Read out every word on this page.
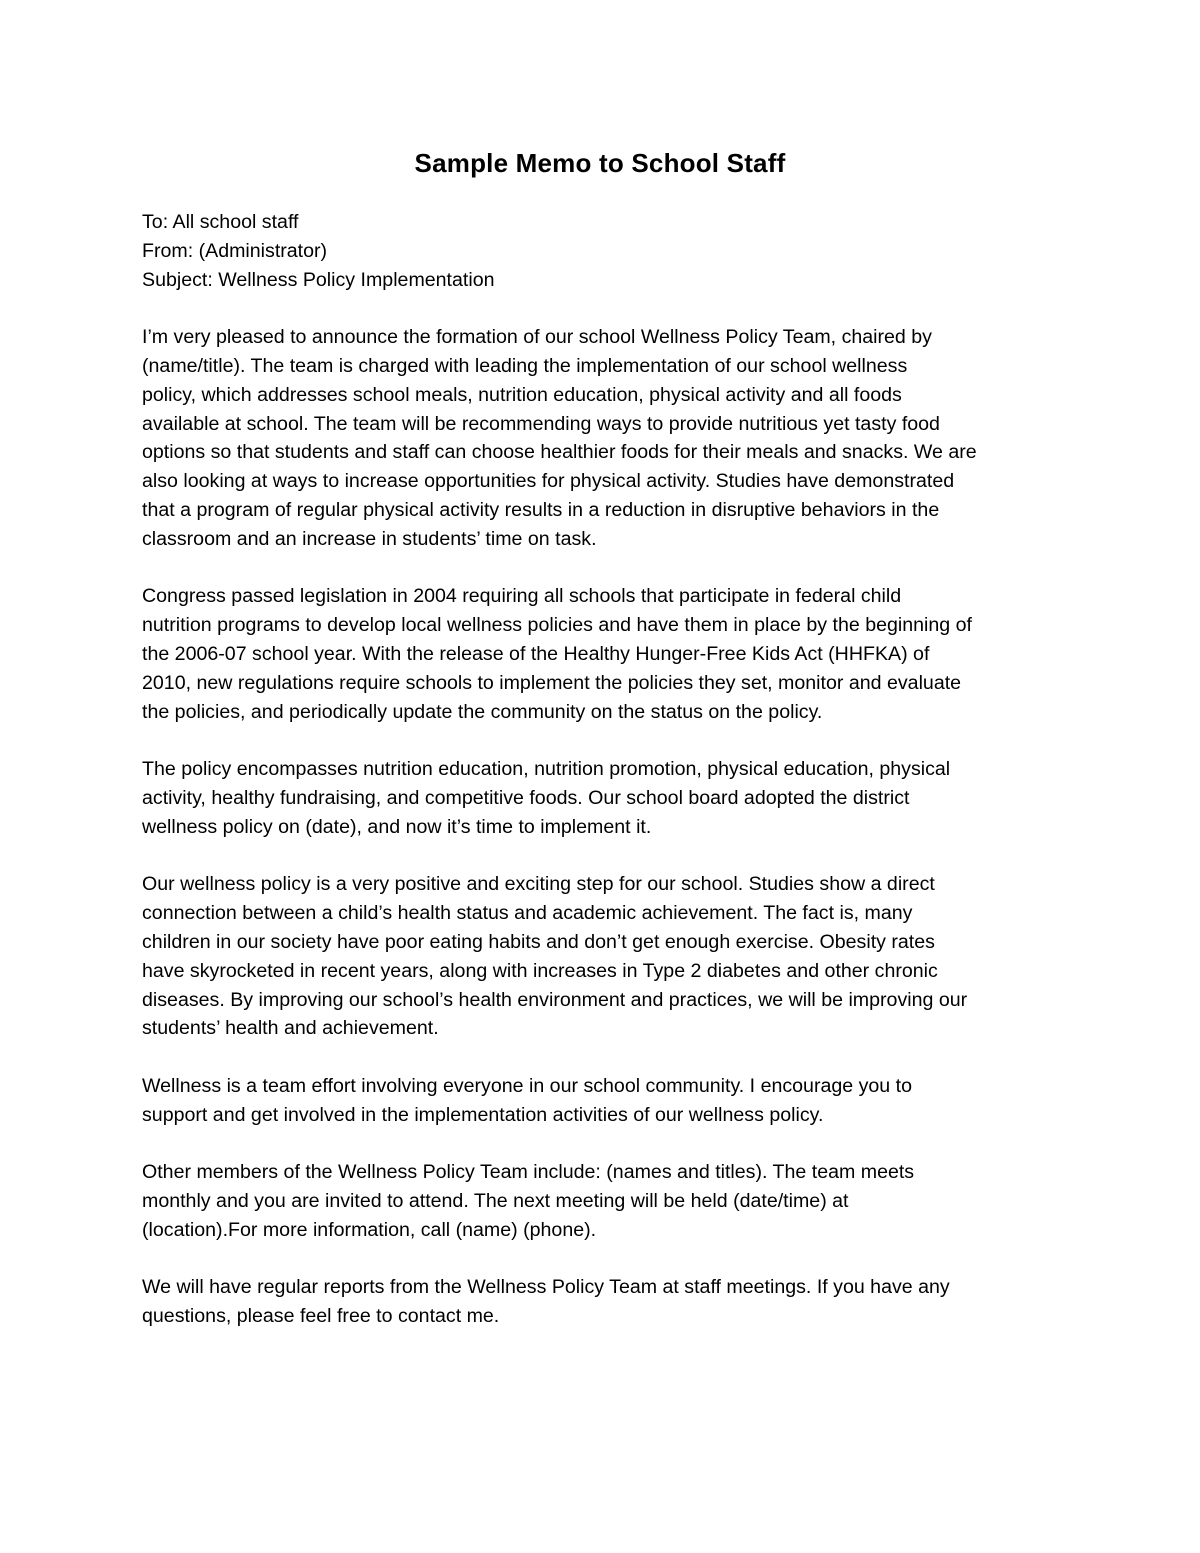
Sample Memo to School Staff
To: All school staff
From: (Administrator)
Subject: Wellness Policy Implementation
I’m very pleased to announce the formation of our school Wellness Policy Team, chaired by
(name/title). The team is charged with leading the implementation of our school wellness
policy, which addresses school meals, nutrition education, physical activity and all foods
available at school. The team will be recommending ways to provide nutritious yet tasty food
options so that students and staff can choose healthier foods for their meals and snacks. We are
also looking at ways to increase opportunities for physical activity. Studies have demonstrated
that a program of regular physical activity results in a reduction in disruptive behaviors in the
classroom and an increase in students’ time on task.
Congress passed legislation in 2004 requiring all schools that participate in federal child
nutrition programs to develop local wellness policies and have them in place by the beginning of
the 2006-07 school year. With the release of the Healthy Hunger-Free Kids Act (HHFKA) of
2010, new regulations require schools to implement the policies they set, monitor and evaluate
the policies, and periodically update the community on the status on the policy.
The policy encompasses nutrition education, nutrition promotion, physical education, physical
activity, healthy fundraising, and competitive foods. Our school board adopted the district
wellness policy on (date), and now it’s time to implement it.
Our wellness policy is a very positive and exciting step for our school. Studies show a direct
connection between a child’s health status and academic achievement. The fact is, many
children in our society have poor eating habits and don’t get enough exercise. Obesity rates
have skyrocketed in recent years, along with increases in Type 2 diabetes and other chronic
diseases. By improving our school’s health environment and practices, we will be improving our
students’ health and achievement.
Wellness is a team effort involving everyone in our school community. I encourage you to
support and get involved in the implementation activities of our wellness policy.
Other members of the Wellness Policy Team include: (names and titles). The team meets
monthly and you are invited to attend. The next meeting will be held (date/time) at
(location).For more information, call (name) (phone).
We will have regular reports from the Wellness Policy Team at staff meetings. If you have any
questions, please feel free to contact me.
